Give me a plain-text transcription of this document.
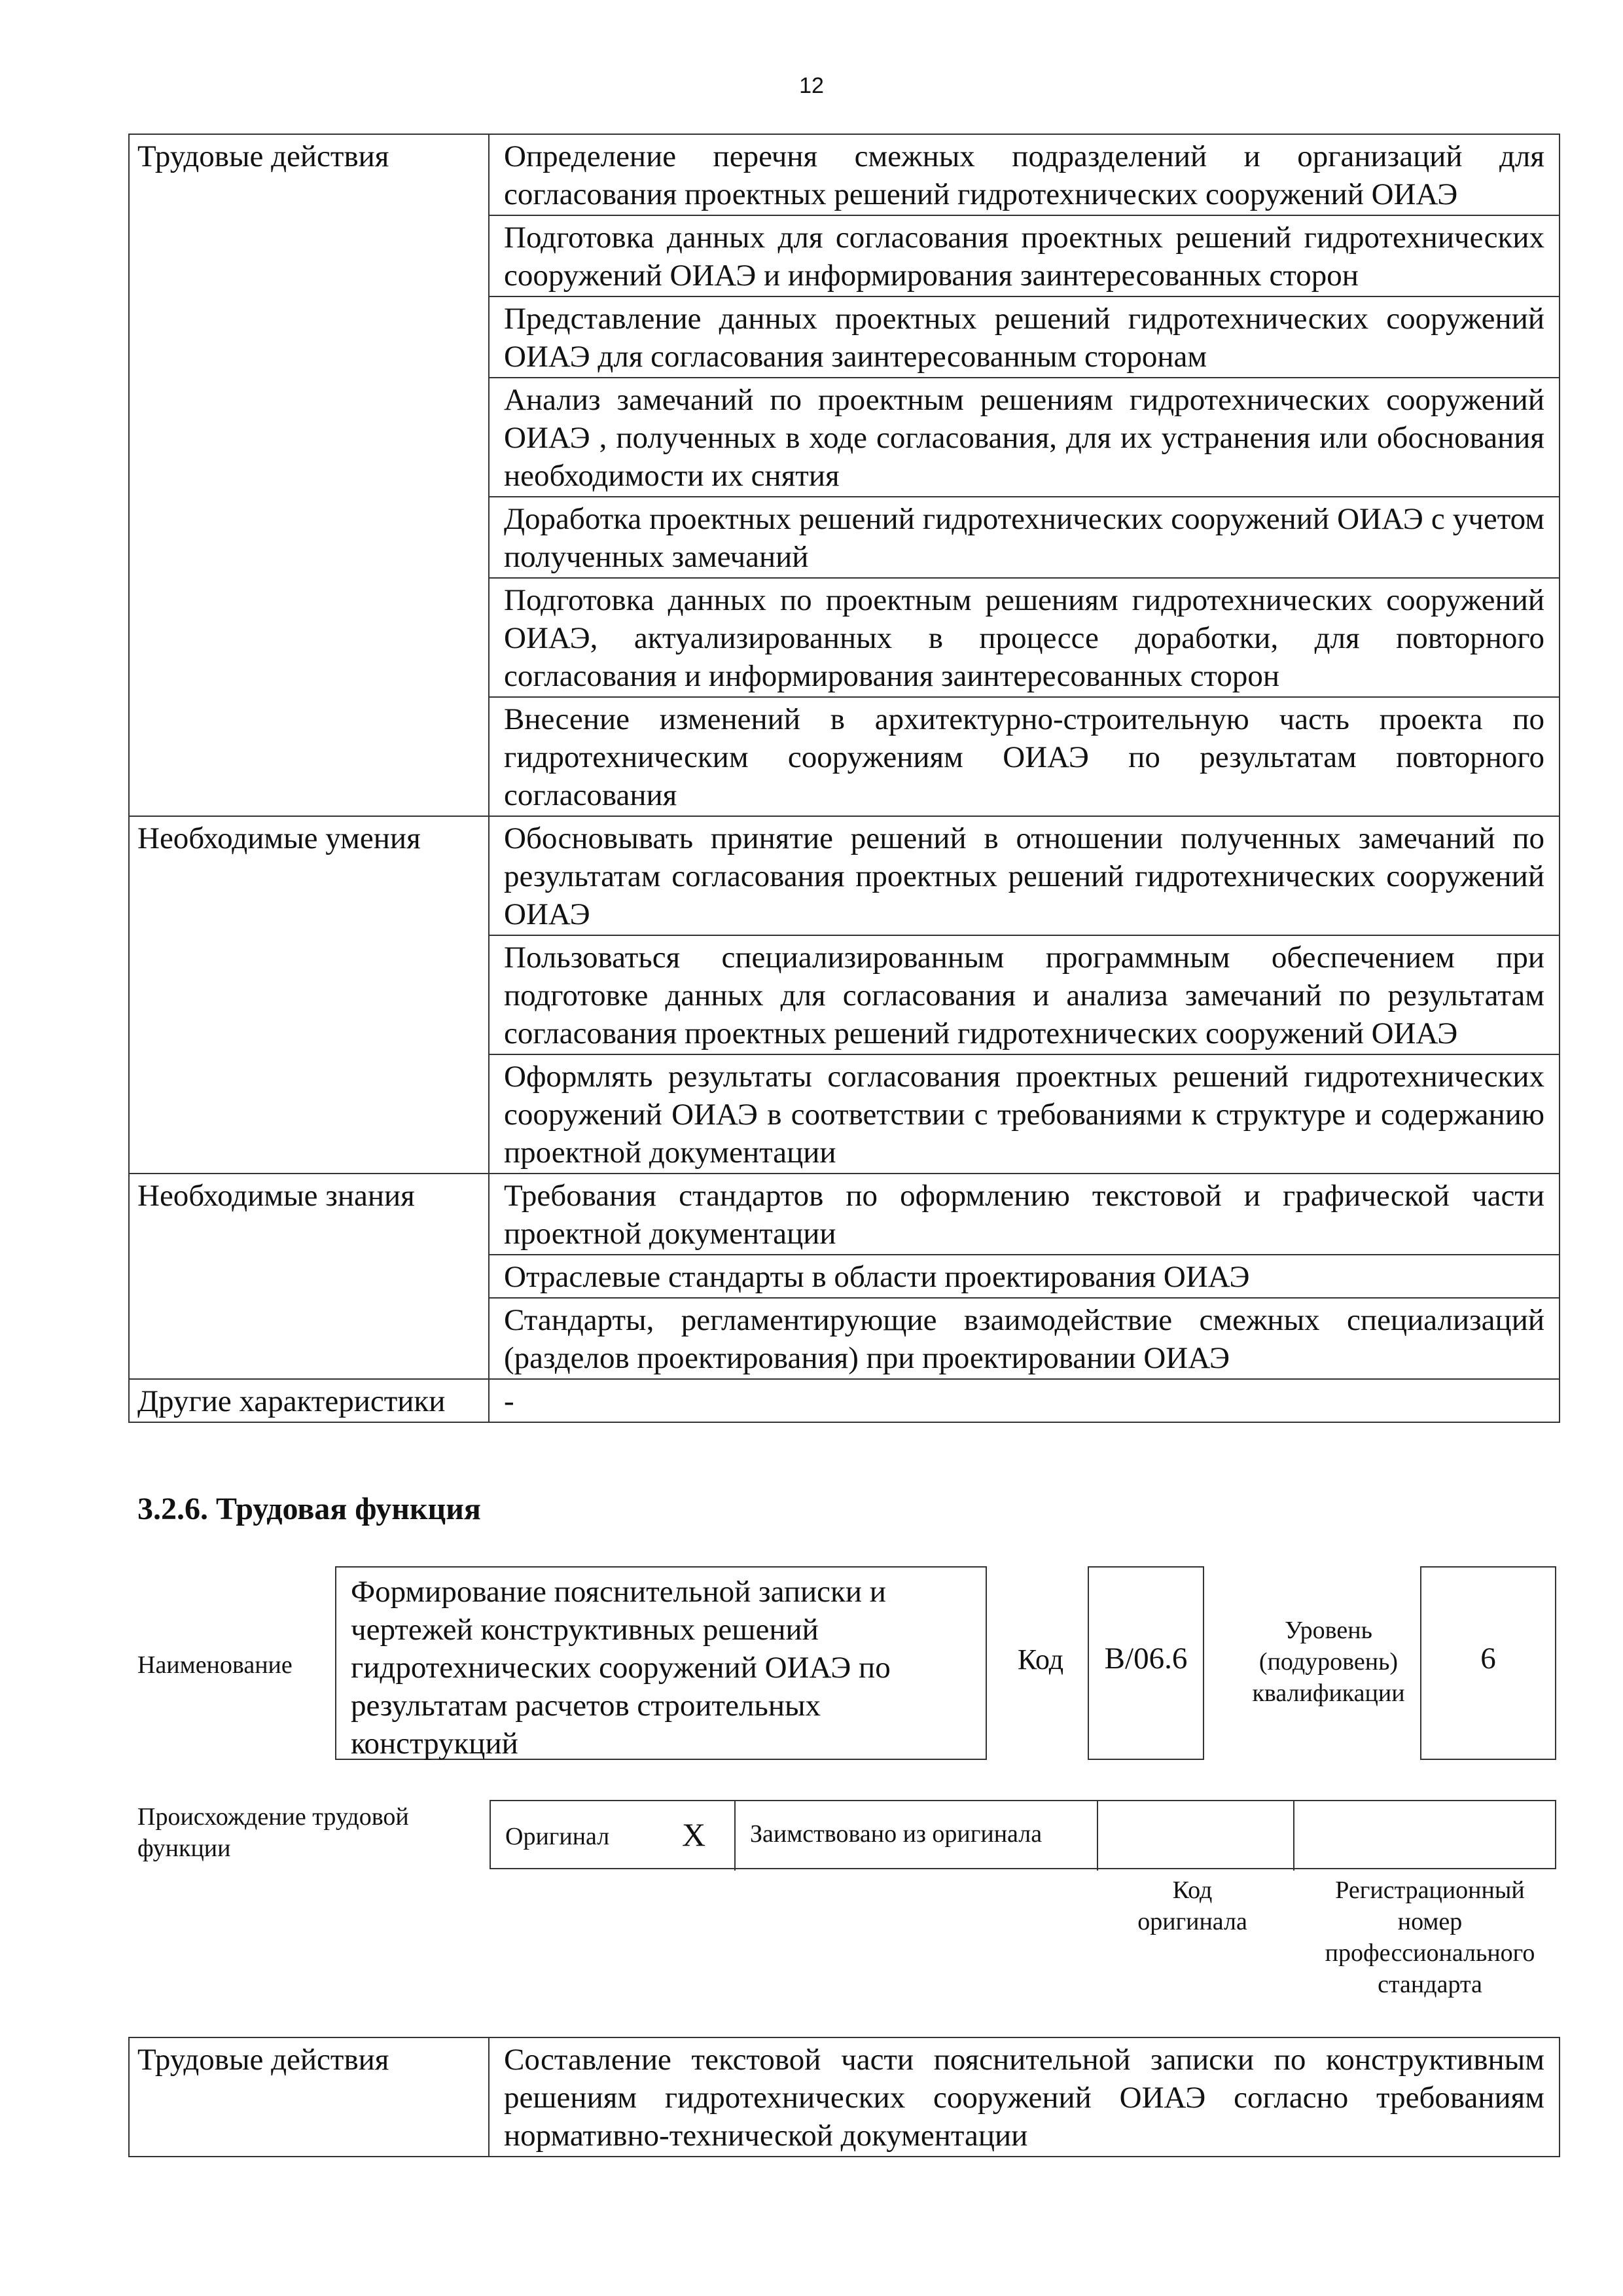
12
Трудовые действия	Определение перечня смежных подразделений и организаций для согласования проектных решений гидротехнических сооружений ОИАЭ
	Подготовка данных для согласования проектных решений гидротехнических сооружений ОИАЭ и информирования заинтересованных сторон
	Представление данных проектных решений гидротехнических сооружений ОИАЭ для согласования заинтересованным сторонам
	Анализ замечаний по проектным решениям гидротехнических сооружений ОИАЭ , полученных в ходе согласования, для их устранения или обоснования необходимости их снятия
	Доработка проектных решений гидротехнических сооружений ОИАЭ с учетом полученных замечаний
	Подготовка данных по проектным решениям гидротехнических сооружений ОИАЭ, актуализированных в процессе доработки, для повторного согласования и информирования заинтересованных сторон
	Внесение изменений в архитектурно-строительную часть проекта по гидротехническим сооружениям ОИАЭ по результатам повторного согласования
Необходимые умения	Обосновывать принятие решений в отношении полученных замечаний по результатам согласования проектных решений гидротехнических сооружений ОИАЭ
	Пользоваться специализированным программным обеспечением при подготовке данных для согласования и анализа замечаний по результатам согласования проектных решений гидротехнических сооружений ОИАЭ
	Оформлять результаты согласования проектных решений гидротехнических сооружений ОИАЭ в соответствии с требованиями к структуре и содержанию проектной документации
Необходимые знания	Требования стандартов по оформлению текстовой и графической части проектной документации
	Отраслевые стандарты в области проектирования ОИАЭ
	Стандарты, регламентирующие взаимодействие смежных специализаций (разделов проектирования) при проектировании ОИАЭ
Другие характеристики	-
3.2.6. Трудовая функция
Наименование
Формирование пояснительной записки и чертежей конструктивных решений гидротехнических сооружений ОИАЭ по результатам расчетов строительных конструкций
Код	B/06.6
Уровень (подуровень) квалификации
6
Происхождение трудовой функции	Оригинал X Заимствовано из оригинала
Код оригинала
Регистрационный номер профессионального стандарта
Трудовые действия	Составление текстовой части пояснительной записки по конструктивным решениям гидротехнических сооружений ОИАЭ согласно требованиям нормативно-технической документации
